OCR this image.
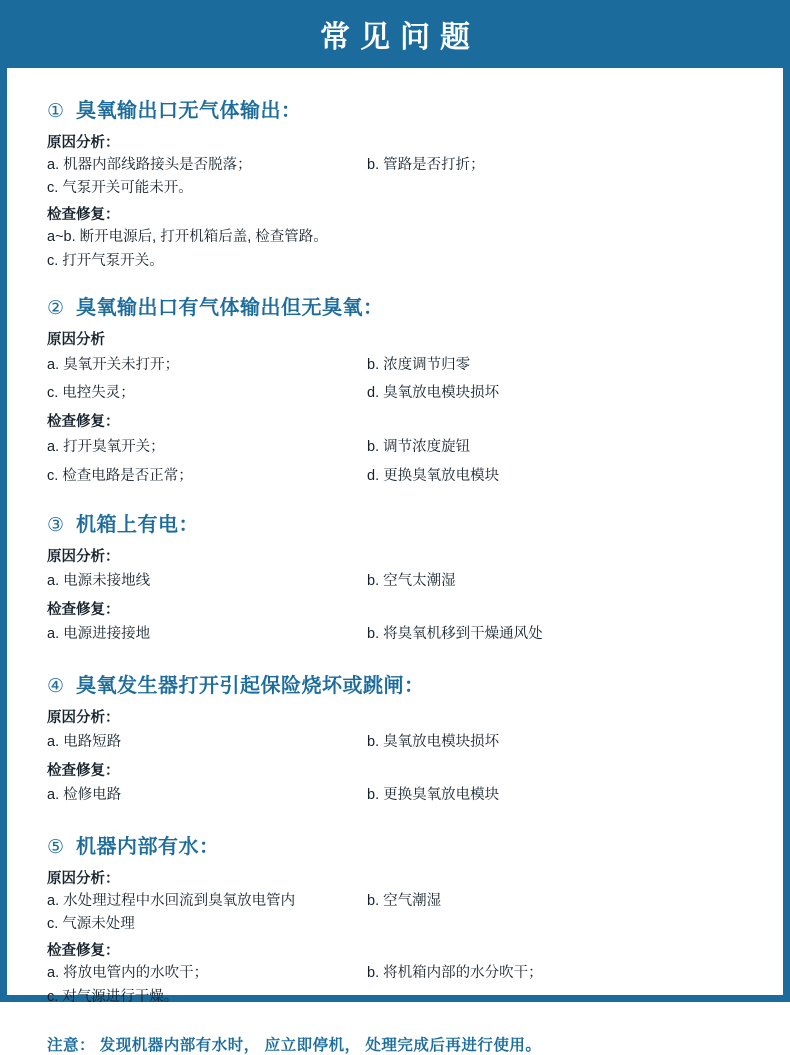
常见问题
① 臭氧输出口无气体输出：
原因分析：
a. 机器内部线路接头是否脱落；	b. 管路是否打折；
c. 气泵开关可能未开。
检查修复：
a~b. 断开电源后, 打开机箱后盖, 检查管路。
c. 打开气泵开关。
② 臭氧输出口有气体输出但无臭氧：
原因分析
a. 臭氧开关未打开；	b. 浓度调节归零
c. 电控失灵；	d. 臭氧放电模块损坏
检查修复：
a. 打开臭氧开关；	b. 调节浓度旋钮
c. 检查电路是否正常；	d. 更换臭氧放电模块
③ 机箱上有电：
原因分析：
a. 电源未接地线	b. 空气太潮湿
检查修复：
a. 电源进接接地	b. 将臭氧机移到干燥通风处
④ 臭氧发生器打开引起保险烧坏或跳闸：
原因分析：
a. 电路短路	b. 臭氧放电模块损坏
检查修复：
a. 检修电路	b. 更换臭氧放电模块
⑤ 机器内部有水：
原因分析：
a. 水处理过程中水回流到臭氧放电管内	b. 空气潮湿
c. 气源未处理
检查修复：
a. 将放电管内的水吹干；	b. 将机箱内部的水分吹干；
c. 对气源进行干燥。
注意： 发现机器内部有水时， 应立即停机， 处理完成后再进行使用。
